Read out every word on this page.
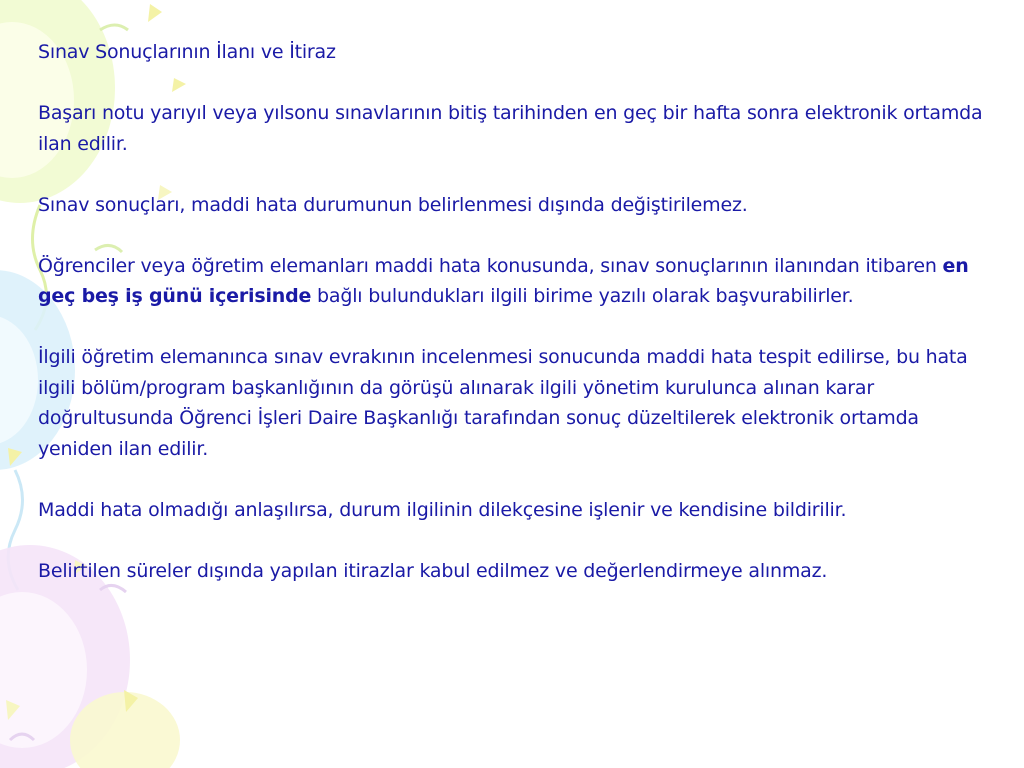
Sınav Sonuçlarının İlanı ve İtiraz

Başarı notu yarıyıl veya yılsonu sınavlarının bitiş tarihinden en geç bir hafta sonra elektronik ortamda ilan edilir.

Sınav sonuçları, maddi hata durumunun belirlenmesi dışında değiştirilemez.

Öğrenciler veya öğretim elemanları maddi hata konusunda, sınav sonuçlarının ilanından itibaren en geç beş iş günü içerisinde bağlı bulundukları ilgili birime yazılı olarak başvurabilirler.

İlgili öğretim elemanınca sınav evrakının incelenmesi sonucunda maddi hata tespit edilirse, bu hata ilgili bölüm/program başkanlığının da görüşü alınarak ilgili yönetim kurulunca alınan karar doğrultusunda Öğrenci İşleri Daire Başkanlığı tarafından sonuç düzeltilerek elektronik ortamda yeniden ilan edilir.

Maddi hata olmadığı anlaşılırsa, durum ilgilinin dilekçesine işlenir ve kendisine bildirilir.

Belirtilen süreler dışında yapılan itirazlar kabul edilmez ve değerlendirmeye alınmaz.
